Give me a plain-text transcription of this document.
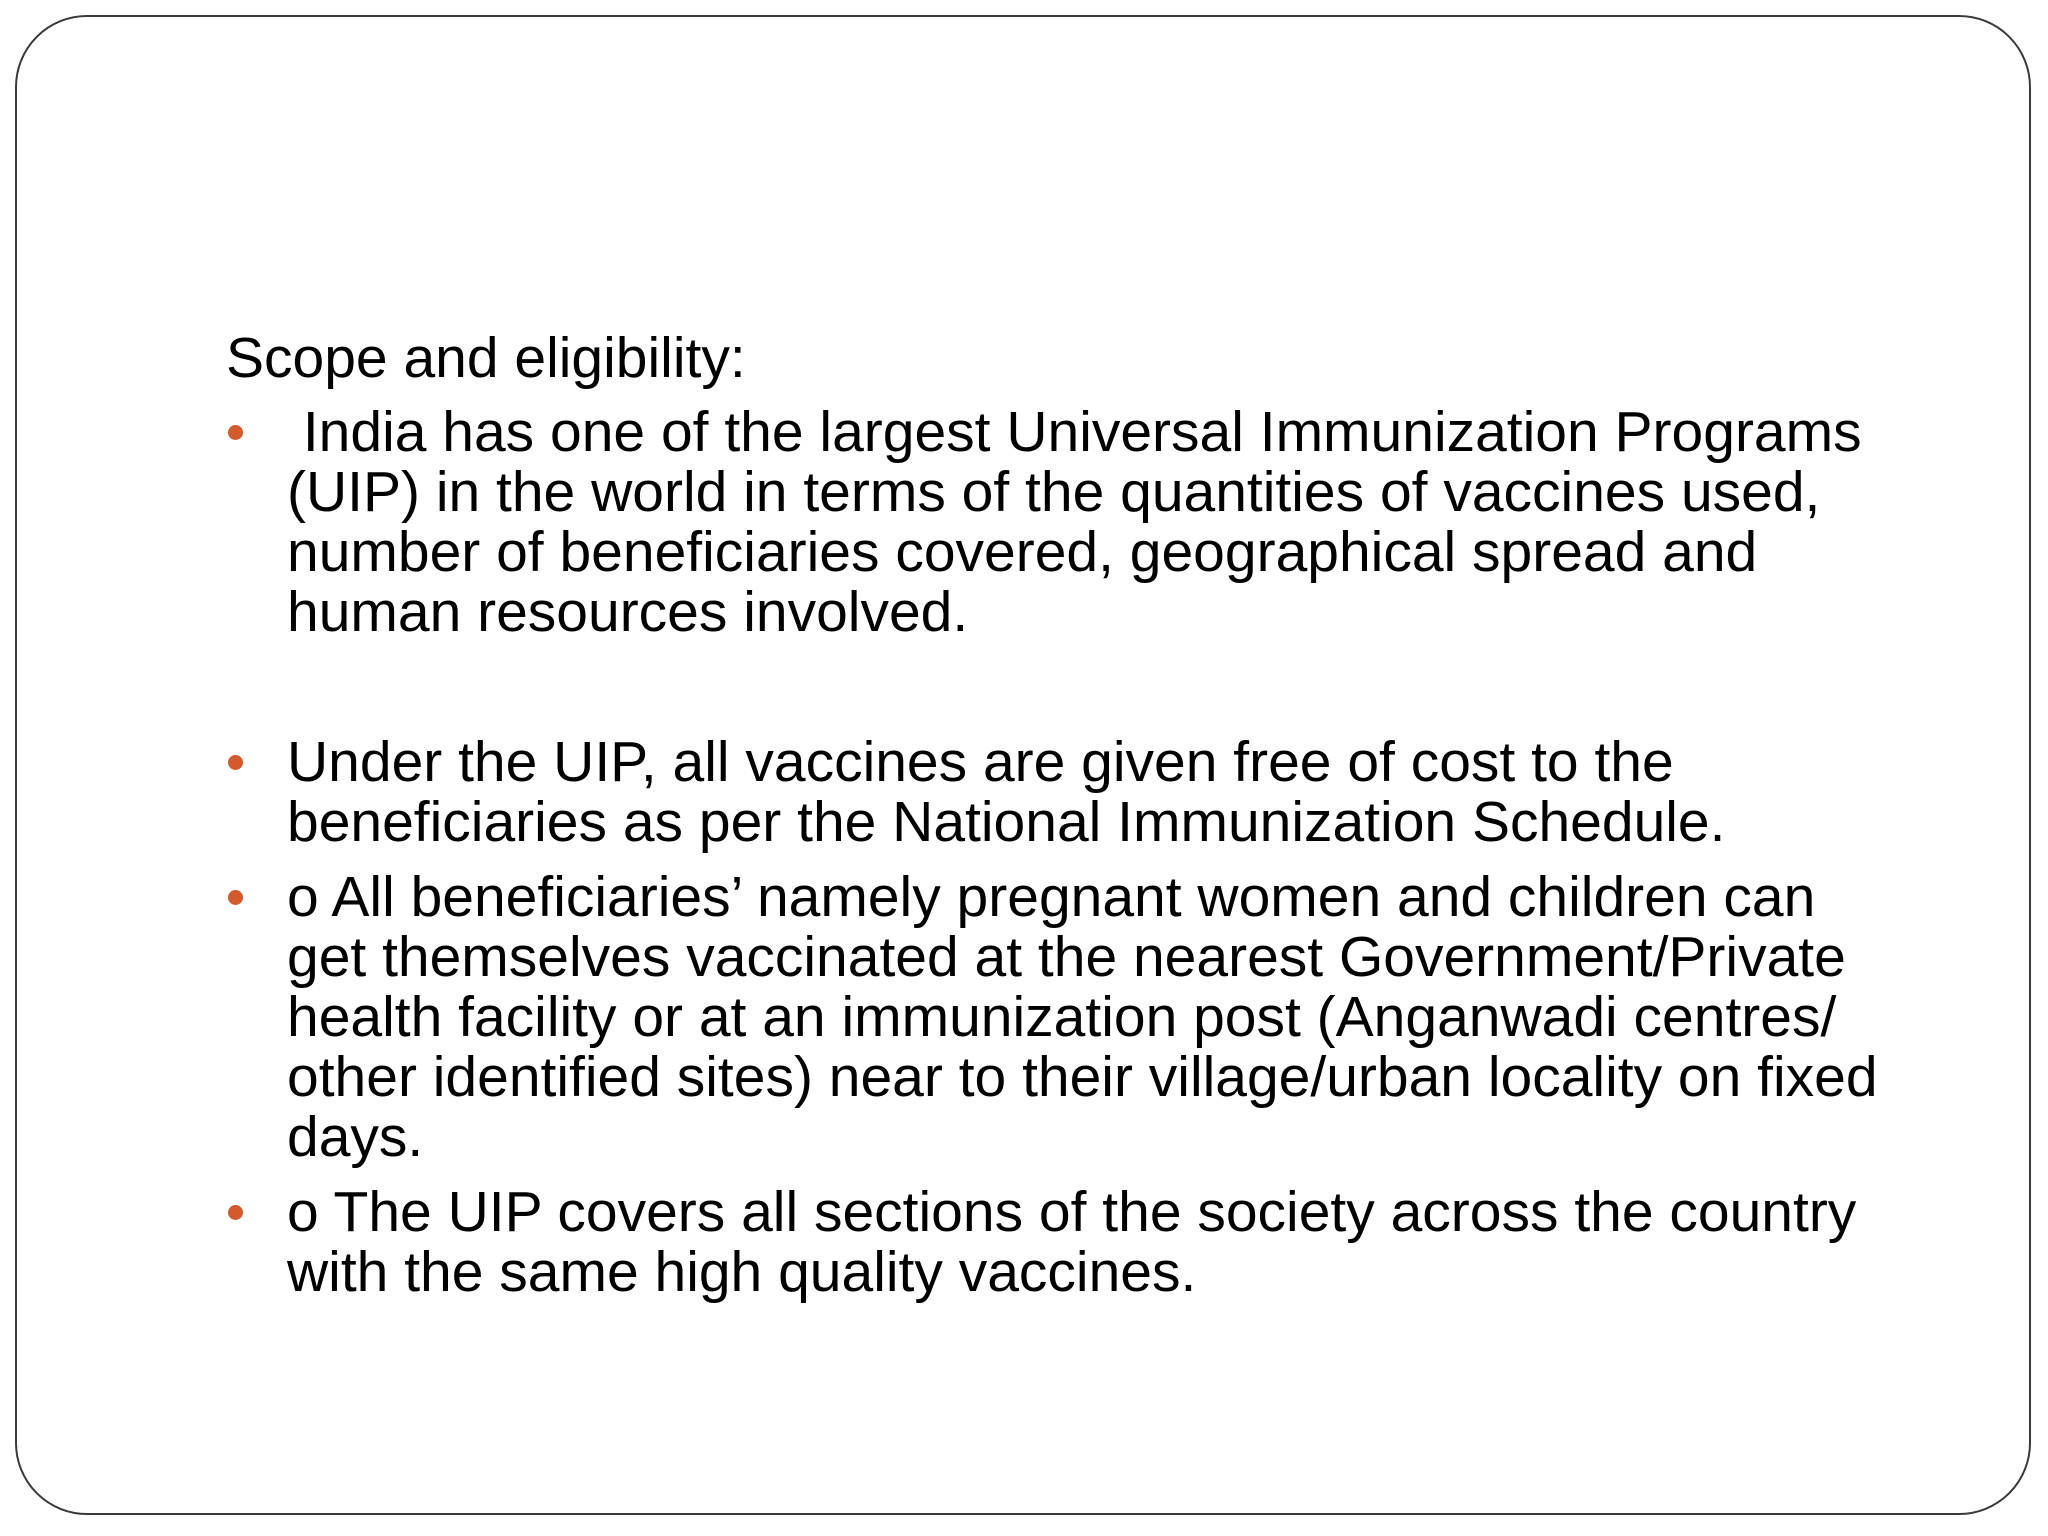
Scope and eligibility:
India has one of the largest Universal Immunization Programs (UIP) in the world in terms of the quantities of vaccines used, number of beneficiaries covered, geographical spread and human resources involved.
Under the UIP, all vaccines are given free of cost to the beneficiaries as per the National Immunization Schedule.
o All beneficiaries’ namely pregnant women and children can get themselves vaccinated at the nearest Government/Private health facility or at an immunization post (Anganwadi centres/ other identified sites) near to their village/urban locality on fixed days.
o The UIP covers all sections of the society across the country with the same high quality vaccines.
